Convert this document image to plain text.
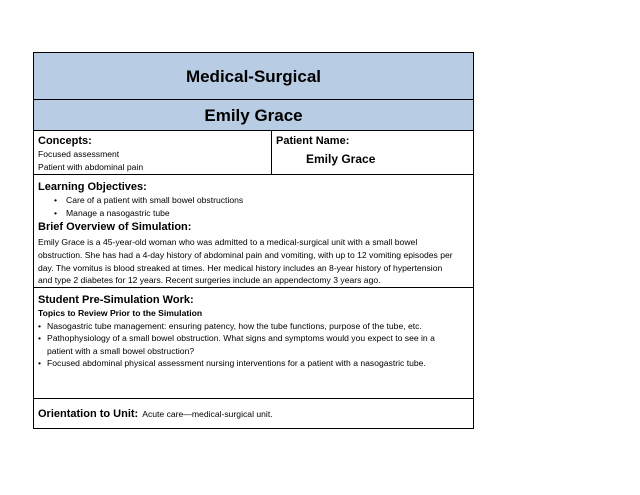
Medical-Surgical
Emily Grace
Concepts:
Focused assessment
Patient with abdominal pain
Patient Name:
Emily Grace
Learning Objectives:
• Care of a patient with small bowel obstructions
• Manage a nasogastric tube
Brief Overview of Simulation:
Emily Grace is a 45-year-old woman who was admitted to a medical-surgical unit with a small bowel
obstruction. She has had a 4-day history of abdominal pain and vomiting, with up to 12 vomiting episodes per
day. The vomitus is blood streaked at times. Her medical history includes an 8-year history of hypertension
and type 2 diabetes for 12 years. Recent surgeries include an appendectomy 3 years ago.
Student Pre-Simulation Work:
Topics to Review Prior to the Simulation
• Nasogastric tube management: ensuring patency, how the tube functions, purpose of the tube, etc.
• Pathophysiology of a small bowel obstruction. What signs and symptoms would you expect to see in a patient with a small bowel obstruction?
• Focused abdominal physical assessment nursing interventions for a patient with a nasogastric tube.
Orientation to Unit: Acute care—medical-surgical unit.
